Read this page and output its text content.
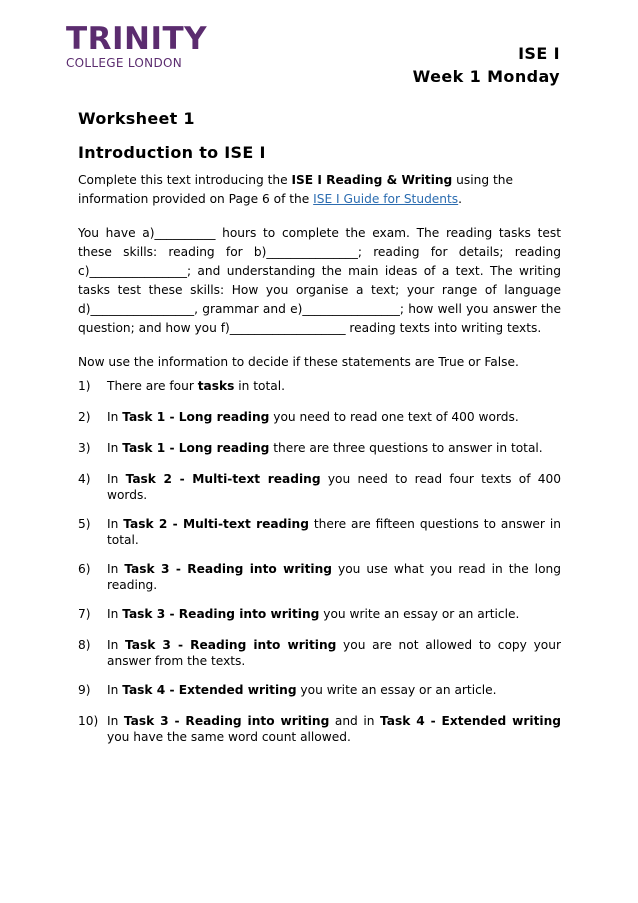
TRINITY
COLLEGE LONDON	ISE I
Week 1 Monday
Worksheet 1
Introduction to ISE I

Complete this text introducing the ISE I Reading & Writing using the information provided on Page 6 of the ISE I Guide for Students.

You have a)__________ hours to complete the exam. The reading tasks test these skills: reading for b)_______________; reading for details; reading c)________________; and understanding the main ideas of a text. The writing tasks test these skills: How you organise a text; your range of language d)_________________, grammar and e)________________; how well you answer the question; and how you f)___________________ reading texts into writing texts.

Now use the information to decide if these statements are True or False.

1)	There are four tasks in total.
2)	In Task 1 - Long reading you need to read one text of 400 words.
3)	In Task 1 - Long reading there are three questions to answer in total.
4)	In Task 2 - Multi-text reading you need to read four texts of 400 words.
5)	In Task 2 - Multi-text reading there are fifteen questions to answer in total.
6)	In Task 3 - Reading into writing you use what you read in the long reading.
7)	In Task 3 - Reading into writing you write an essay or an article.
8)	In Task 3 - Reading into writing you are not allowed to copy your answer from the texts.
9)	In Task 4 - Extended writing you write an essay or an article.
10) In Task 3 - Reading into writing and in Task 4 - Extended writing you have the same word count allowed.
